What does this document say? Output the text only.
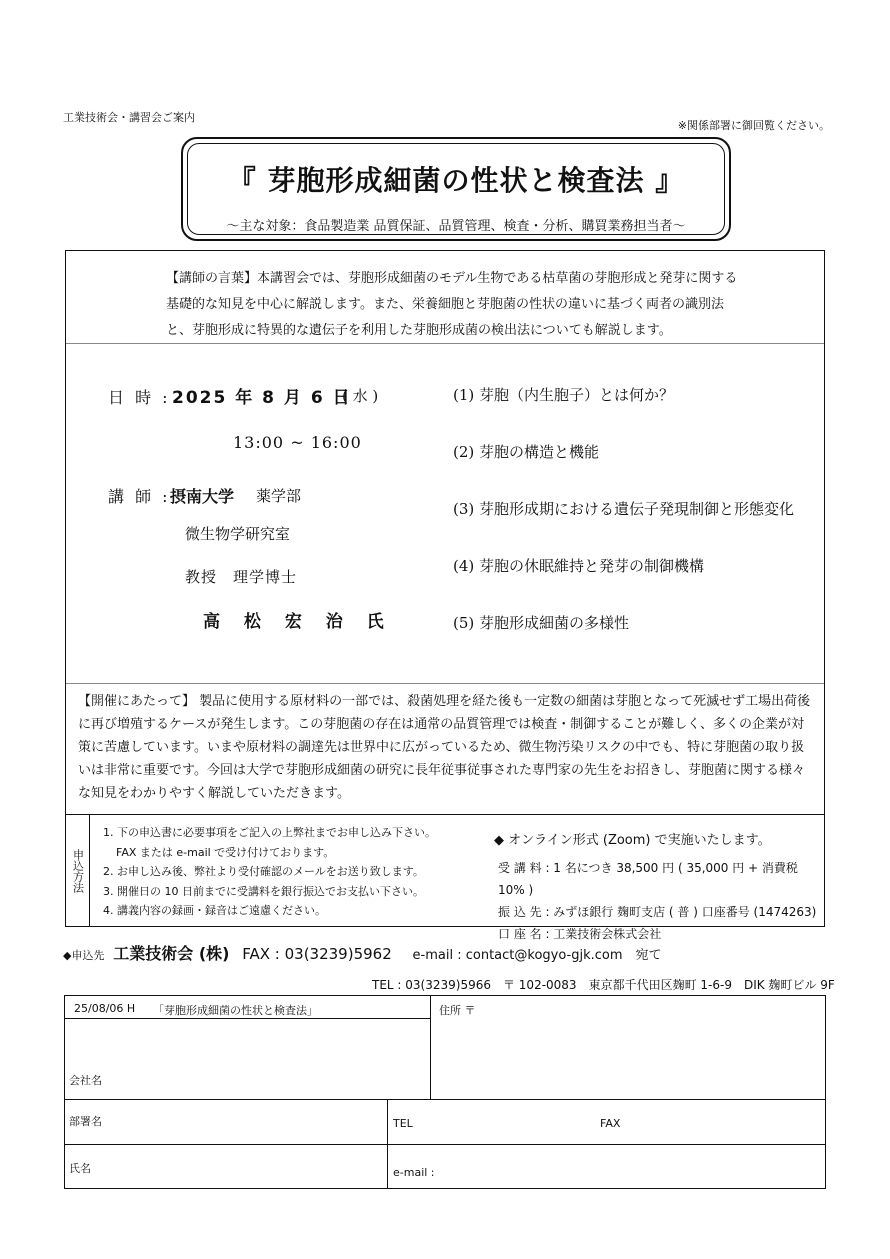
工業技術会・講習会ご案内
※関係部署に御回覧ください。
『 芽胞形成細菌の性状と検査法 』
～主な対象：食品製造業 品質保証、品質管理、検査・分析、購買業務担当者～
【講師の言葉】本講習会では、芽胞形成細菌のモデル生物である枯草菌の芽胞形成と発芽に関する
基礎的な知見を中心に解説します。また、栄養細胞と芽胞菌の性状の違いに基づく両者の識別法
と、芽胞形成に特異的な遺伝子を利用した芽胞形成菌の検出法についても解説します。
日 時 : 2025 年 8 月 6 日
( 水 )
13:00 ~ 16:00
講 師 : 摂南大学 薬学部
微生物学研究室
教授　理学博士
高 松 宏 治 氏
(1) 芽胞（内生胞子）とは何か？
(2) 芽胞の構造と機能
(3) 芽胞形成期における遺伝子発現制御と形態変化
(4) 芽胞の休眠維持と発芽の制御機構
(5) 芽胞形成細菌の多様性
【開催にあたって】 製品に使用する原材料の一部では、殺菌処理を経た後も一定数の細菌は芽胞となって死滅せず工場出荷後
に再び増殖するケースが発生します。この芽胞菌の存在は通常の品質管理では検査・制御することが難しく、多くの企業が対
策に苦慮しています。いまや原材料の調達先は世界中に広がっているため、微生物汚染リスクの中でも、特に芽胞菌の取り扱
いは非常に重要です。今回は大学で芽胞形成細菌の研究に長年従事従事された専門家の先生をお招きし、芽胞菌に関する様々
な知見をわかりやすく解説していただきます。
申込方法
1. 下の申込書に必要事項をご記入の上弊社までお申し込み下さい。
FAX または e-mail で受け付けております。
2. お申し込み後、弊社より受付確認のメールをお送り致します。
3. 開催日の 10 日前までに受講料を銀行振込でお支払い下さい。
4. 講義内容の録画・録音はご遠慮ください。
◆ オンライン形式 (Zoom) で実施いたします。
受 講 料 : 1 名につき 38,500 円 ( 35,000 円 + 消費税 10% )
振 込 先 : みずほ銀行 麹町支店 ( 普 ) 口座番号 (1474263)
口 座 名 : 工業技術会株式会社
◆申込先 工業技術会 (株) FAX : 03(3239)5962 e-mail : contact@kogyo-gjk.com　宛て
TEL : 03(3239)5966　〒 102-0083　東京都千代田区麹町 1-6-9　DIK 麹町ビル 9F
25/08/06 H 「芽胞形成細菌の性状と検査法」	住所 〒
会社名
部署名	TEL	FAX
氏名	e-mail :
